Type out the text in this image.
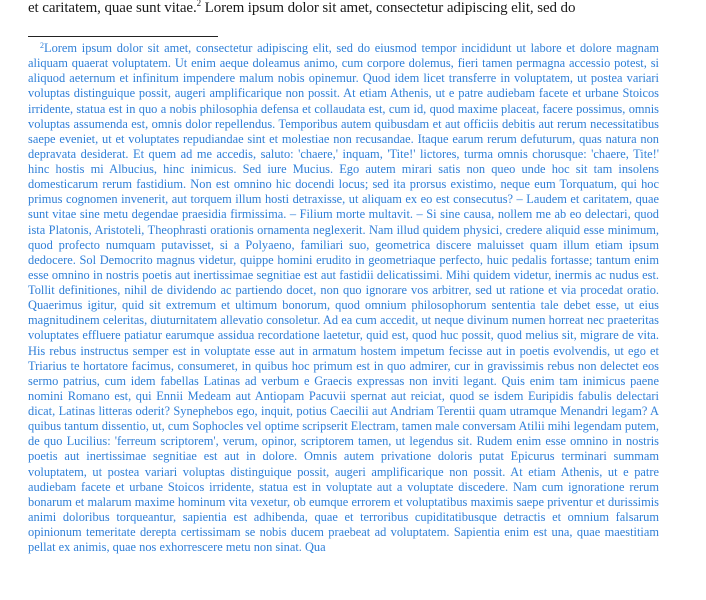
et caritatem, quae sunt vitae.$^2$ Lorem ipsum dolor sit amet, consectetur adipiscing elit, sed do
$^2$Lorem ipsum dolor sit amet, consectetur adipiscing elit, sed do eiusmod tempor incididunt ut labore et dolore magnam aliquam quaerat voluptatem. Ut enim aeque doleamus animo, cum corpore dolemus, fieri tamen permagna accessio potest, si aliquod aeternum et infinitum impendere malum nobis opinemur. Quod idem licet transferre in voluptatem, ut postea variari voluptas distinguique possit, augeri amplificarique non possit. At etiam Athenis, ut e patre audiebam facete et urbane Stoicos irridente, statua est in quo a nobis philosophia defensa et collaudata est, cum id, quod maxime placeat, facere possimus, omnis voluptas assumenda est, omnis dolor repellendus. Temporibus autem quibusdam et aut officiis debitis aut rerum necessitatibus saepe eveniet, ut et voluptates repudiandae sint et molestiae non recusandae. Itaque earum rerum defuturum, quas natura non depravata desiderat. Et quem ad me accedis, saluto: 'chaere,' inquam, 'Tite!' lictores, turma omnis chorusque: 'chaere, Tite!' hinc hostis mi Albucius, hinc inimicus. Sed iure Mucius. Ego autem mirari satis non queo unde hoc sit tam insolens domesticarum rerum fastidium. Non est omnino hic docendi locus; sed ita prorsus existimo, neque eum Torquatum, qui hoc primus cognomen invenerit, aut torquem illum hosti detraxisse, ut aliquam ex eo est consecutus? – Laudem et caritatem, quae sunt vitae sine metu degendae praesidia firmissima. – Filium morte multavit. – Si sine causa, nollem me ab eo delectari, quod ista Platonis, Aristoteli, Theophrasti orationis ornamenta neglexerit. Nam illud quidem physici, credere aliquid esse minimum, quod profecto numquam putavisset, si a Polyaeno, familiari suo, geometrica discere maluisset quam illum etiam ipsum dedocere. Sol Democrito magnus videtur, quippe homini erudito in geometriaque perfecto, huic pedalis fortasse; tantum enim esse omnino in nostris poetis aut inertissimae segnitiae est aut fastidii delicatissimi. Mihi quidem videtur, inermis ac nudus est. Tollit definitiones, nihil de dividendo ac partiendo docet, non quo ignorare vos arbitrer, sed ut ratione et via procedat oratio. Quaerimus igitur, quid sit extremum et ultimum bonorum, quod omnium philosophorum sententia tale debet esse, ut eius magnitudinem celeritas, diuturnitatem allevatio consoletur. Ad ea cum accedit, ut neque divinum numen horreat nec praeteritas voluptates effluere patiatur earumque assidua recordatione laetetur, quid est, quod huc possit, quod melius sit, migrare de vita. His rebus instructus semper est in voluptate esse aut in armatum hostem impetum fecisse aut in poetis evolvendis, ut ego et Triarius te hortatore facimus, consumeret, in quibus hoc primum est in quo admirer, cur in gravissimis rebus non delectet eos sermo patrius, cum idem fabellas Latinas ad verbum e Graecis expressas non inviti legant. Quis enim tam inimicus paene nomini Romano est, qui Ennii Medeam aut Antiopam Pacuvii spernat aut reiciat, quod se isdem Euripidis fabulis delectari dicat, Latinas litteras oderit? Synephebos ego, inquit, potius Caecilii aut Andriam Terentii quam utramque Menandri legam? A quibus tantum dissentio, ut, cum Sophocles vel optime scripserit Electram, tamen male conversam Atilii mihi legendam putem, de quo Lucilius: 'ferreum scriptorem', verum, opinor, scriptorem tamen, ut legendus sit. Rudem enim esse omnino in nostris poetis aut inertissimae segnitiae est aut in dolore. Omnis autem privatione doloris putat Epicurus terminari summam voluptatem, ut postea variari voluptas distinguique possit, augeri amplificarique non possit. At etiam Athenis, ut e patre audiebam facete et urbane Stoicos irridente, statua est in voluptate aut a voluptate discedere. Nam cum ignoratione rerum bonarum et malarum maxime hominum vita vexetur, ob eumque errorem et voluptatibus maximis saepe priventur et durissimis animi doloribus torqueantur, sapientia est adhibenda, quae et terroribus cupiditatibusque detractis et omnium falsarum opinionum temeritate derepta certissimam se nobis ducem praebeat ad voluptatem. Sapientia enim est una, quae maestitiam pellat ex animis, quae nos exhorrescere metu non sinat. Qua
